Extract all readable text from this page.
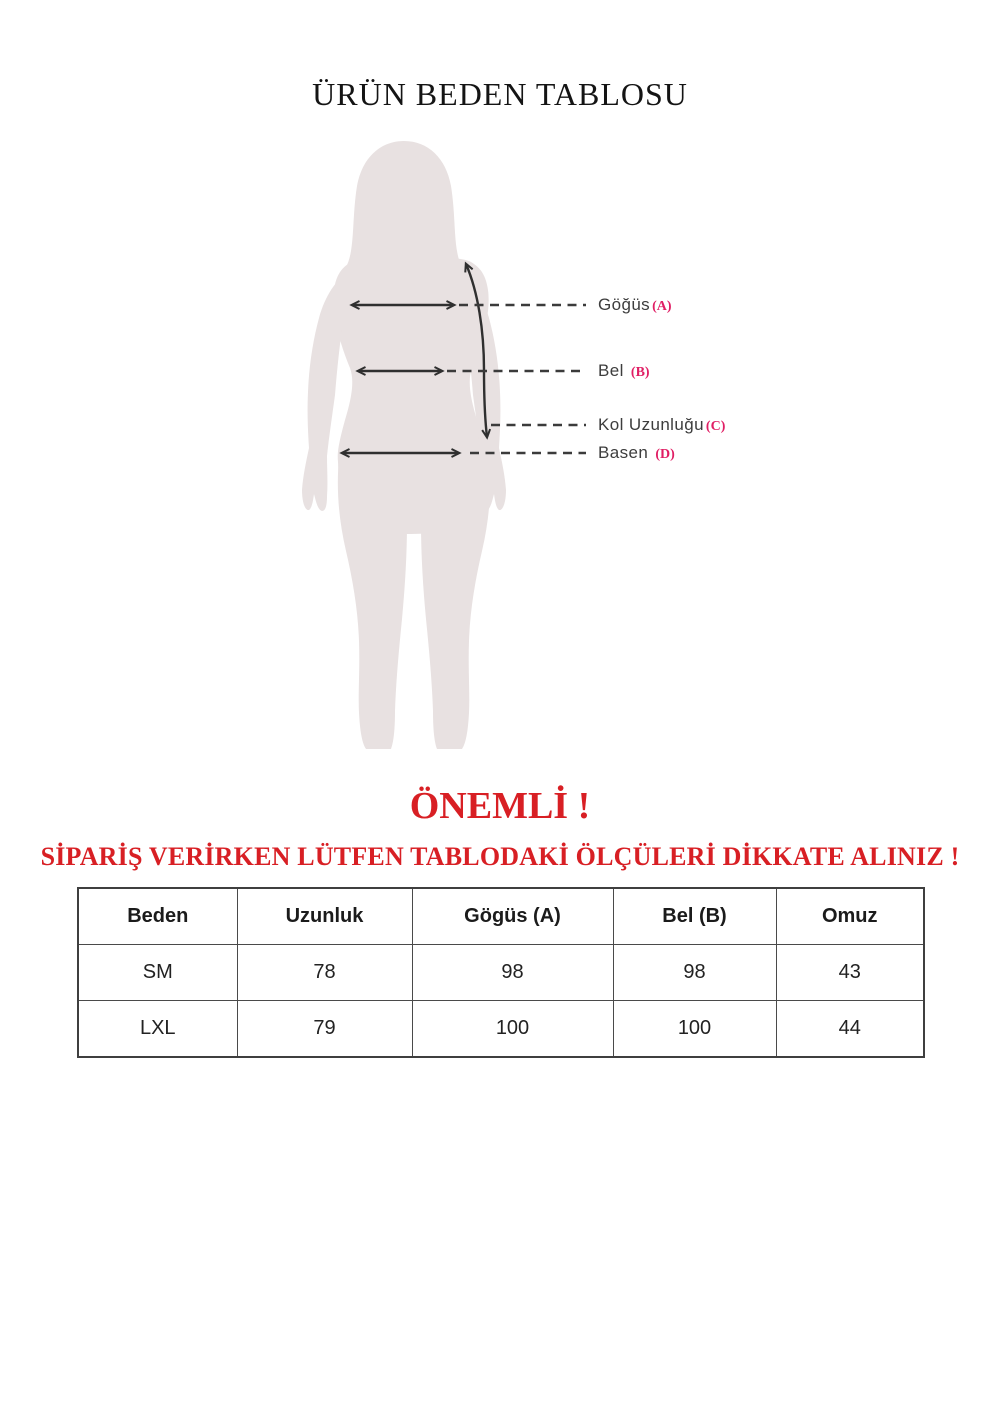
ÜRÜN BEDEN TABLOSU
Göğüs (A)
Bel (B)
Kol Uzunluğu (C)
Basen (D)
ÖNEMLİ !

SİPARİŞ VERİRKEN LÜTFEN TABLODAKİ ÖLÇÜLERİ DİKKATE ALINIZ !

Beden	Uzunluk	Gögüs (A)	Bel (B)	Omuz
SM	78	98	98	43
LXL	79	100	100	44
